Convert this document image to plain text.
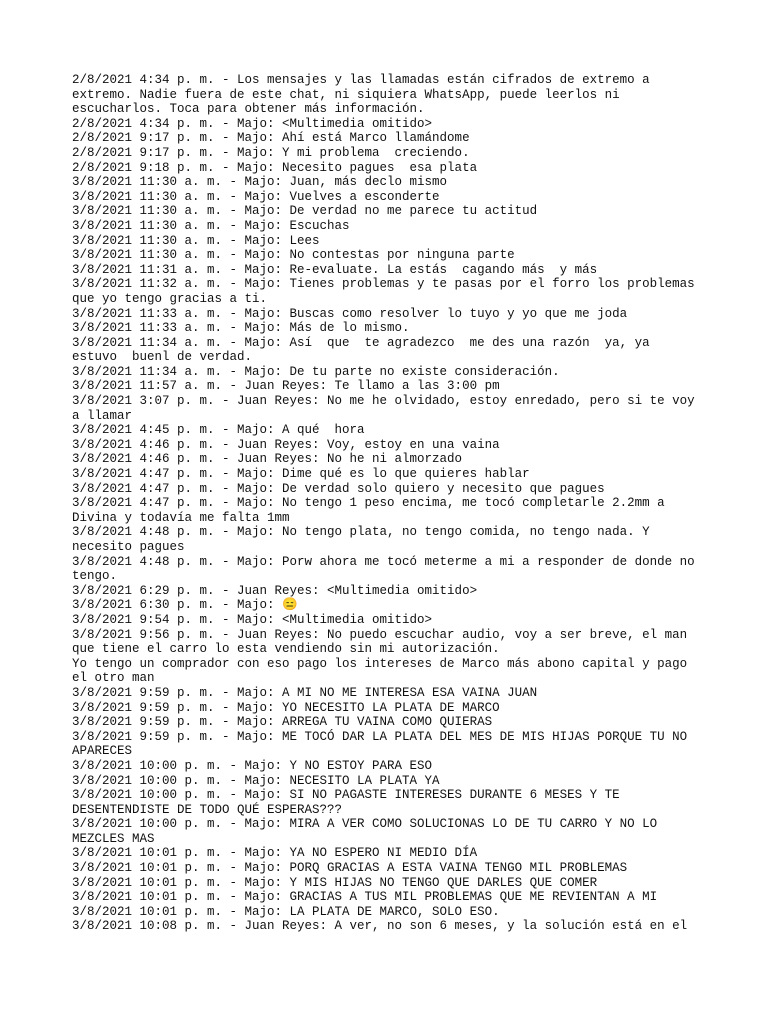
2/8/2021 4:34 p. m. - Los mensajes y las llamadas están cifrados de extremo a
extremo. Nadie fuera de este chat, ni siquiera WhatsApp, puede leerlos ni
escucharlos. Toca para obtener más información.
2/8/2021 4:34 p. m. - Majo: <Multimedia omitido>
2/8/2021 9:17 p. m. - Majo: Ahí está Marco llamándome
2/8/2021 9:17 p. m. - Majo: Y mi problema  creciendo.
2/8/2021 9:18 p. m. - Majo: Necesito pagues  esa plata
3/8/2021 11:30 a. m. - Majo: Juan, más declo mismo
3/8/2021 11:30 a. m. - Majo: Vuelves a esconderte
3/8/2021 11:30 a. m. - Majo: De verdad no me parece tu actitud
3/8/2021 11:30 a. m. - Majo: Escuchas
3/8/2021 11:30 a. m. - Majo: Lees
3/8/2021 11:30 a. m. - Majo: No contestas por ninguna parte
3/8/2021 11:31 a. m. - Majo: Re-evaluate. La estás  cagando más  y más
3/8/2021 11:32 a. m. - Majo: Tienes problemas y te pasas por el forro los problemas
que yo tengo gracias a ti.
3/8/2021 11:33 a. m. - Majo: Buscas como resolver lo tuyo y yo que me joda
3/8/2021 11:33 a. m. - Majo: Más de lo mismo.
3/8/2021 11:34 a. m. - Majo: Así  que  te agradezco  me des una razón  ya, ya
estuvo  buenl de verdad.
3/8/2021 11:34 a. m. - Majo: De tu parte no existe consideración.
3/8/2021 11:57 a. m. - Juan Reyes: Te llamo a las 3:00 pm
3/8/2021 3:07 p. m. - Juan Reyes: No me he olvidado, estoy enredado, pero si te voy
a llamar
3/8/2021 4:45 p. m. - Majo: A qué  hora
3/8/2021 4:46 p. m. - Juan Reyes: Voy, estoy en una vaina
3/8/2021 4:46 p. m. - Juan Reyes: No he ni almorzado
3/8/2021 4:47 p. m. - Majo: Dime qué es lo que quieres hablar
3/8/2021 4:47 p. m. - Majo: De verdad solo quiero y necesito que pagues
3/8/2021 4:47 p. m. - Majo: No tengo 1 peso encima, me tocó completarle 2.2mm a
Divina y todavía me falta 1mm
3/8/2021 4:48 p. m. - Majo: No tengo plata, no tengo comida, no tengo nada. Y
necesito pagues
3/8/2021 4:48 p. m. - Majo: Porw ahora me tocó meterme a mi a responder de donde no
tengo.
3/8/2021 6:29 p. m. - Juan Reyes: <Multimedia omitido>
3/8/2021 6:30 p. m. - Majo: 😑
3/8/2021 9:54 p. m. - Majo: <Multimedia omitido>
3/8/2021 9:56 p. m. - Juan Reyes: No puedo escuchar audio, voy a ser breve, el man
que tiene el carro lo esta vendiendo sin mi autorización.
Yo tengo un comprador con eso pago los intereses de Marco más abono capital y pago
el otro man
3/8/2021 9:59 p. m. - Majo: A MI NO ME INTERESA ESA VAINA JUAN
3/8/2021 9:59 p. m. - Majo: YO NECESITO LA PLATA DE MARCO
3/8/2021 9:59 p. m. - Majo: ARREGA TU VAINA COMO QUIERAS
3/8/2021 9:59 p. m. - Majo: ME TOCÓ DAR LA PLATA DEL MES DE MIS HIJAS PORQUE TU NO
APARECES
3/8/2021 10:00 p. m. - Majo: Y NO ESTOY PARA ESO
3/8/2021 10:00 p. m. - Majo: NECESITO LA PLATA YA
3/8/2021 10:00 p. m. - Majo: SI NO PAGASTE INTERESES DURANTE 6 MESES Y TE
DESENTENDISTE DE TODO QUÉ ESPERAS???
3/8/2021 10:00 p. m. - Majo: MIRA A VER COMO SOLUCIONAS LO DE TU CARRO Y NO LO
MEZCLES MAS
3/8/2021 10:01 p. m. - Majo: YA NO ESPERO NI MEDIO DÍA
3/8/2021 10:01 p. m. - Majo: PORQ GRACIAS A ESTA VAINA TENGO MIL PROBLEMAS
3/8/2021 10:01 p. m. - Majo: Y MIS HIJAS NO TENGO QUE DARLES QUE COMER
3/8/2021 10:01 p. m. - Majo: GRACIAS A TUS MIL PROBLEMAS QUE ME REVIENTAN A MI
3/8/2021 10:01 p. m. - Majo: LA PLATA DE MARCO, SOLO ESO.
3/8/2021 10:08 p. m. - Juan Reyes: A ver, no son 6 meses, y la solución está en el
